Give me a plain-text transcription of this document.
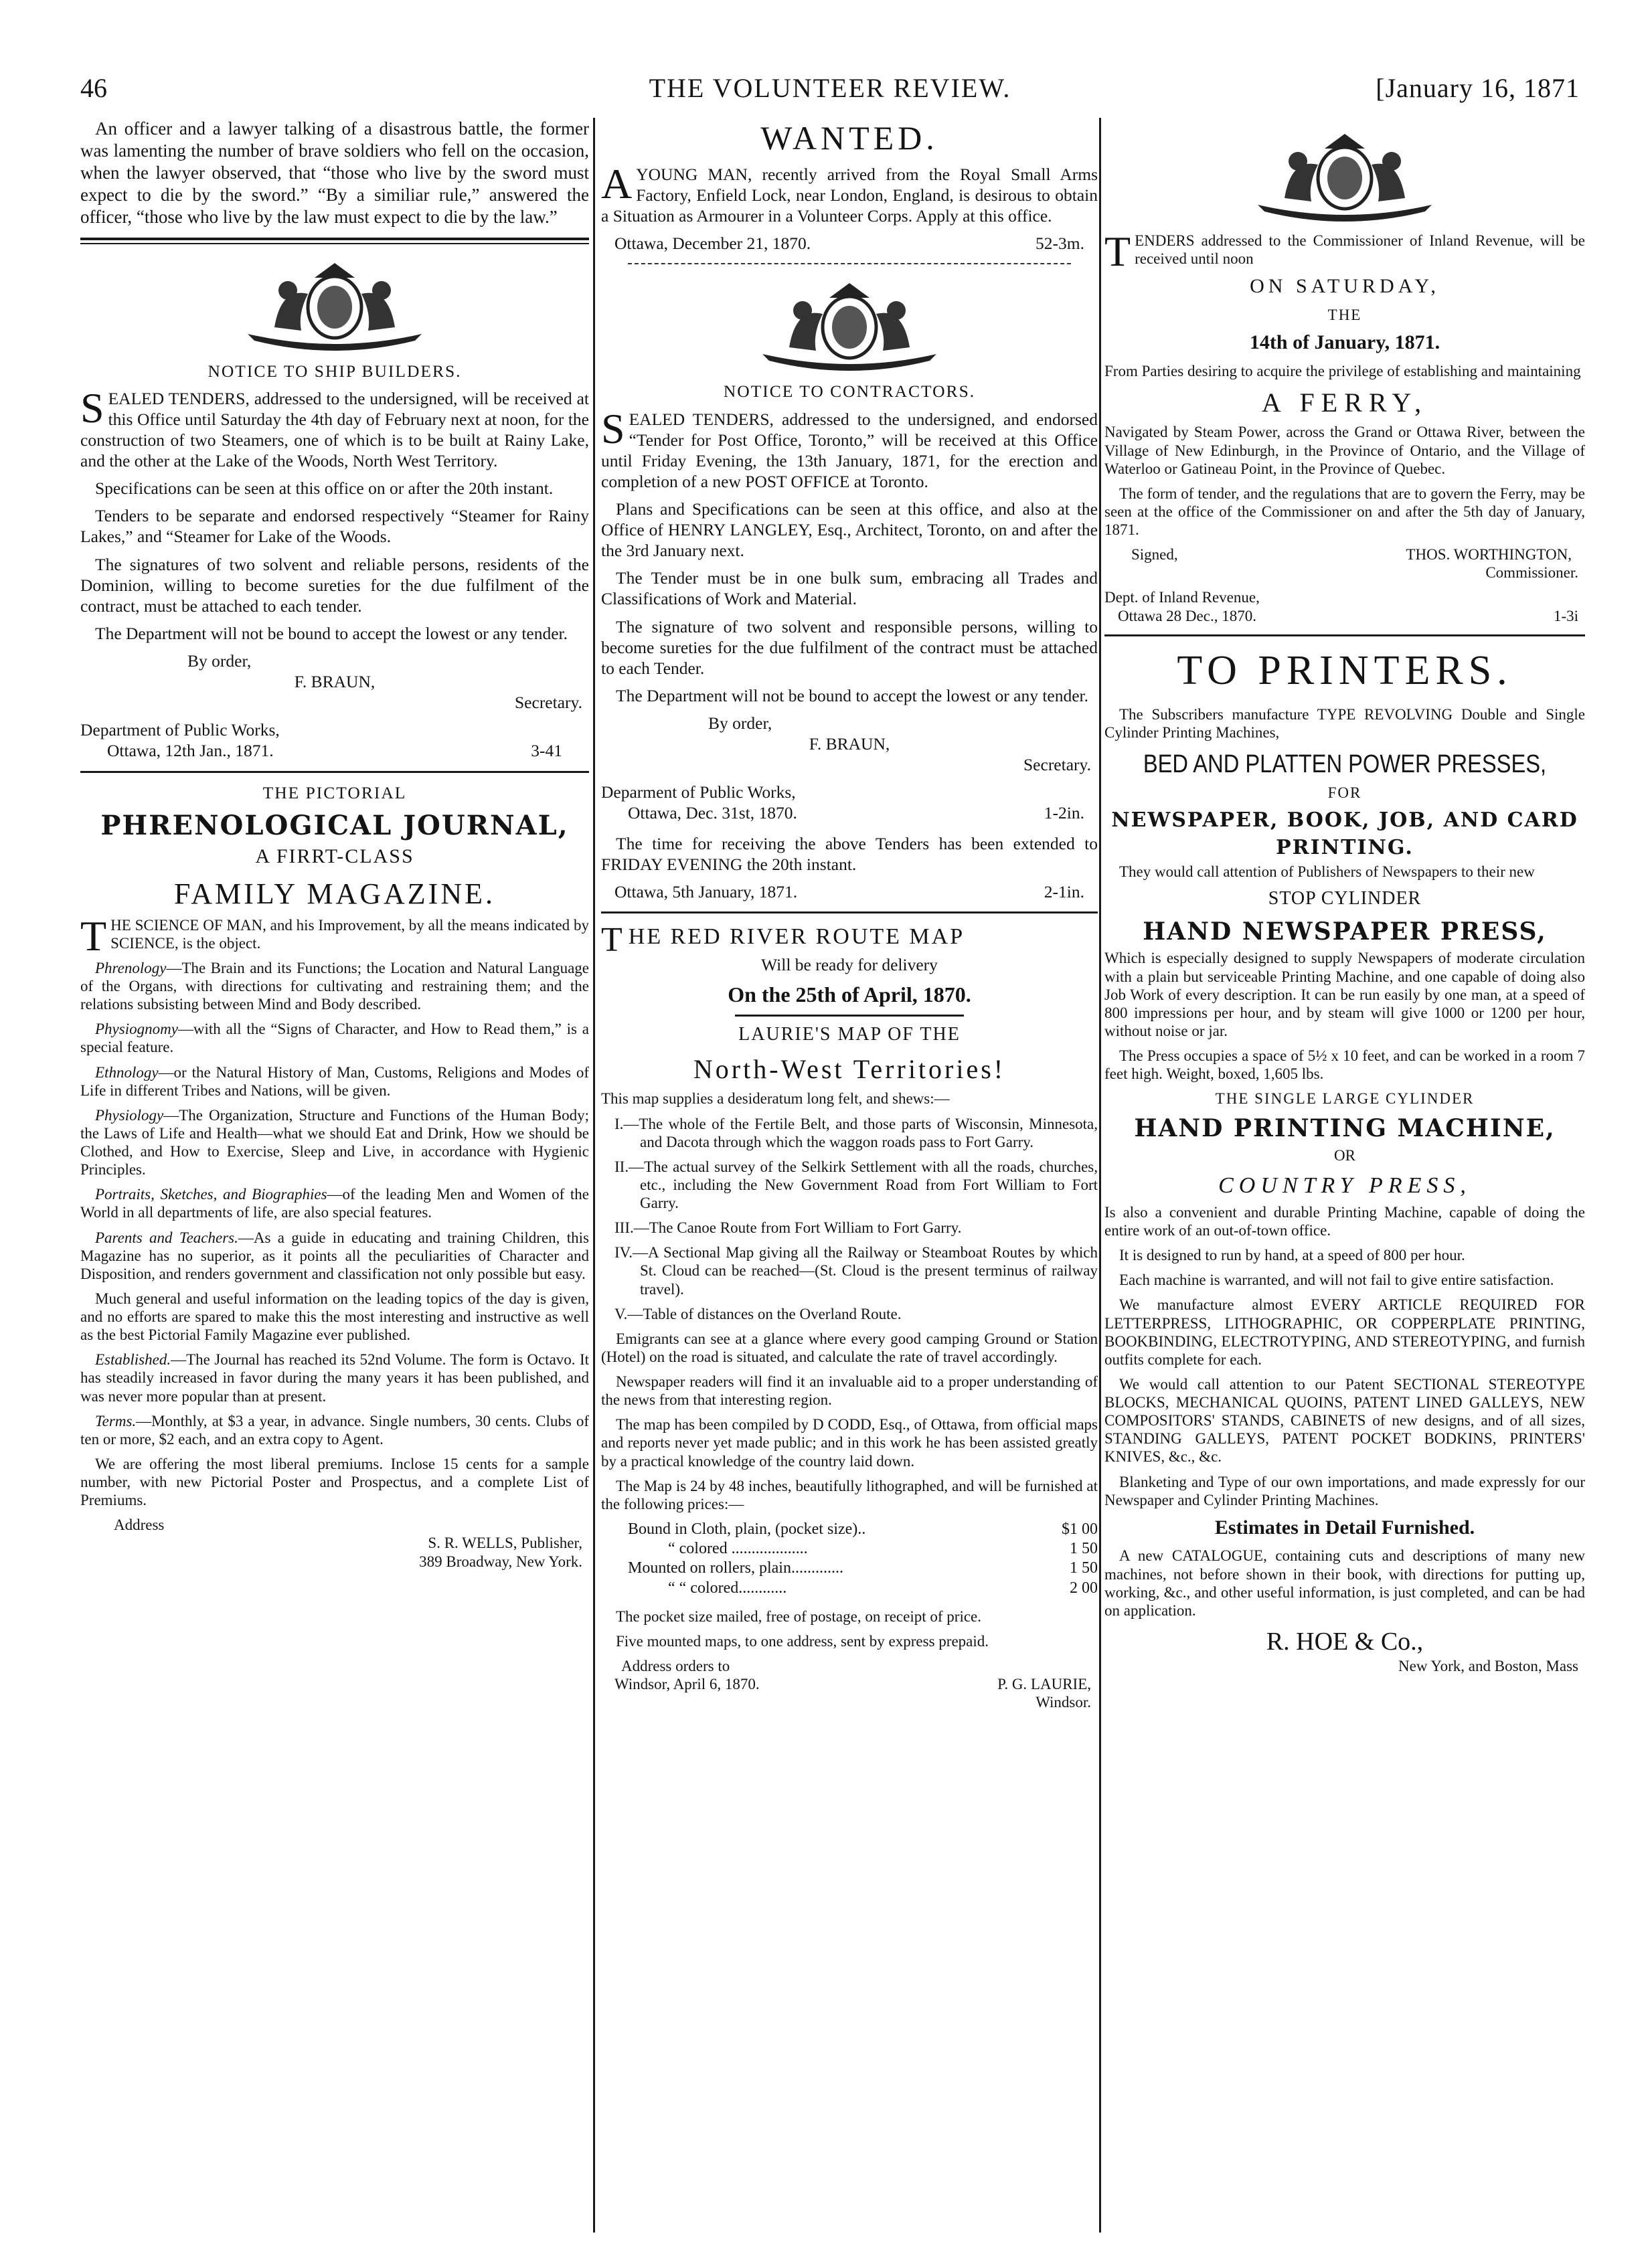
46	THE VOLUNTEER REVIEW.	[January 16, 1871

An officer and a lawyer talking of a disastrous battle, the former was lamenting the number of brave soldiers who fell on the occasion, when the lawyer observed, that “those who live by the sword must expect to die by the sword.” “By a similiar rule,” answered the officer, “those who live by the law must expect to die by the law.”

NOTICE TO SHIP BUILDERS.

SEALED TENDERS, addressed to the undersigned, will be received at this Office until Saturday the 4th day of February next at noon, for the construction of two Steamers, one of which is to be built at Rainy Lake, and the other at the Lake of the Woods, North West Territory.

Specifications can be seen at this office on or after the 20th instant.

Tenders to be separate and endorsed respectively “Steamer for Rainy Lakes,” and “Steamer for Lake of the Woods.

The signatures of two solvent and reliable persons, residents of the Dominion, willing to become sureties for the due fulfilment of the contract, must be attached to each tender.

The Department will not be bound to accept the lowest or any tender.

By order,

F. BRAUN,

Secretary.

Department of Public Works,
Ottawa, 12th Jan., 1871.	3-41

THE PICTORIAL

PHRENOLOGICAL JOURNAL,

A FIRRT-CLASS

FAMILY MAGAZINE.

THE SCIENCE OF MAN, and his Improvement, by all the means indicated by SCIENCE, is the object.

Phrenology—The Brain and its Functions; the Location and Natural Language of the Organs, with directions for cultivating and restraining them; and the relations subsisting between Mind and Body described.

Physiognomy—with all the “Signs of Character, and How to Read them,” is a special feature.

Ethnology—or the Natural History of Man, Customs, Religions and Modes of Life in different Tribes and Nations, will be given.

Physiology—The Organization, Structure and Functions of the Human Body; the Laws of Life and Health—what we should Eat and Drink, How we should be Clothed, and How to Exercise, Sleep and Live, in accordance with Hygienic Principles.

Portraits, Sketches, and Biographies—of the leading Men and Women of the World in all departments of life, are also special features.

Parents and Teachers.—As a guide in educating and training Children, this Magazine has no superior, as it points all the peculiarities of Character and Disposition, and renders government and classification not only possible but easy.

Much general and useful information on the leading topics of the day is given, and no efforts are spared to make this the most interesting and instructive as well as the best Pictorial Family Magazine ever published.

Established.—The Journal has reached its 52nd Volume. The form is Octavo. It has steadily increased in favor during the many years it has been published, and was never more popular than at present.

Terms.—Monthly, at $3 a year, in advance. Single numbers, 30 cents. Clubs of ten or more, $2 each, and an extra copy to Agent.

We are offering the most liberal premiums. Inclose 15 cents for a sample number, with new Pictorial Poster and Prospectus, and a complete List of Premiums.

Address

S. R. WELLS, Publisher,

389 Broadway, New York.

WANTED.

AYOUNG MAN, recently arrived from the Royal Small Arms Factory, Enfield Lock, near London, England, is desirous to obtain a Situation as Armourer in a Volunteer Corps. Apply at this office.

Ottawa, December 21, 1870.	52-3m.

NOTICE TO CONTRACTORS.

SEALED TENDERS, addressed to the undersigned, and endorsed “Tender for Post Office, Toronto,” will be received at this Office until Friday Evening, the 13th January, 1871, for the erection and completion of a new POST OFFICE at Toronto.

Plans and Specifications can be seen at this office, and also at the Office of HENRY LANGLEY, Esq., Architect, Toronto, on and after the the 3rd January next.

The Tender must be in one bulk sum, embracing all Trades and Classifications of Work and Material.

The signature of two solvent and responsible persons, willing to become sureties for the due fulfilment of the contract must be attached to each Tender.

The Department will not be bound to accept the lowest or any tender.

By order,

F. BRAUN,

Secretary.

Deparment of Public Works,
Ottawa, Dec. 31st, 1870.	1-2in.

The time for receiving the above Tenders has been extended to FRIDAY EVENING the 20th instant.

Ottawa, 5th January, 1871.	2-1in.

THE RED RIVER ROUTE MAP

Will be ready for delivery

On the 25th of April, 1870.

LAURIE'S MAP OF THE

North-West Territories!

This map supplies a desideratum long felt, and shews:—

I.—The whole of the Fertile Belt, and those parts of Wisconsin, Minnesota, and Dacota through which the waggon roads pass to Fort Garry.

II.—The actual survey of the Selkirk Settlement with all the roads, churches, etc., including the New Government Road from Fort William to Fort Garry.

III.—The Canoe Route from Fort William to Fort Garry.

IV.—A Sectional Map giving all the Railway or Steamboat Routes by which St. Cloud can be reached—(St. Cloud is the present terminus of railway travel).

V.—Table of distances on the Overland Route.

Emigrants can see at a glance where every good camping Ground or Station (Hotel) on the road is situated, and calculate the rate of travel accordingly.

Newspaper readers will find it an invaluable aid to a proper understanding of the news from that interesting region.

The map has been compiled by D CODD, Esq., of Ottawa, from official maps and reports never yet made public; and in this work he has been assisted greatly by a practical knowledge of the country laid down.

The Map is 24 by 48 inches, beautifully lithographed, and will be furnished at the following prices:—

Bound in Cloth, plain, (pocket size)..	$1 00
“ colored ...................	1 50
Mounted on rollers, plain.............	1 50
“ “ colored............	2 00

The pocket size mailed, free of postage, on receipt of price.

Five mounted maps, to one address, sent by express prepaid.

Address orders to

Windsor, April 6, 1870.	P. G. LAURIE,
Windsor.

TENDERS addressed to the Commissioner of Inland Revenue, will be received until noon

ON SATURDAY,

THE

14th of January, 1871.

From Parties desiring to acquire the privilege of establishing and maintaining

A FERRY,

Navigated by Steam Power, across the Grand or Ottawa River, between the Village of New Edinburgh, in the Province of Ontario, and the Village of Waterloo or Gatineau Point, in the Province of Quebec.

The form of tender, and the regulations that are to govern the Ferry, may be seen at the office of the Commissioner on and after the 5th day of January, 1871.

Signed,	THOS. WORTHINGTON,

Commissioner.

Dept. of Inland Revenue,
Ottawa 28 Dec., 1870.	1-3i
TO PRINTERS.

The Subscribers manufacture TYPE REVOLVING Double and Single Cylinder Printing Machines,

BED AND PLATTEN POWER PRESSES,

FOR

NEWSPAPER, BOOK, JOB, AND CARD
PRINTING.

They would call attention of Publishers of Newspapers to their new

STOP CYLINDER

HAND NEWSPAPER PRESS,

Which is especially designed to supply Newspapers of moderate circulation with a plain but serviceable Printing Machine, and one capable of doing also Job Work of every description. It can be run easily by one man, at a speed of 800 impressions per hour, and by steam will give 1000 or 1200 per hour, without noise or jar.

The Press occupies a space of 5½ x 10 feet, and can be worked in a room 7 feet high. Weight, boxed, 1,605 lbs.

THE SINGLE LARGE CYLINDER

HAND PRINTING MACHINE,

OR

COUNTRY PRESS,

Is also a convenient and durable Printing Machine, capable of doing the entire work of an out-of-town office.

It is designed to run by hand, at a speed of 800 per hour.

Each machine is warranted, and will not fail to give entire satisfaction.

We manufacture almost EVERY ARTICLE REQUIRED FOR LETTERPRESS, LITHOGRAPHIC, OR COPPERPLATE PRINTING, BOOKBINDING, ELECTROTYPING, AND STEREOTYPING, and furnish outfits complete for each.

We would call attention to our Patent SECTIONAL STEREOTYPE BLOCKS, MECHANICAL QUOINS, PATENT LINED GALLEYS, NEW COMPOSITORS' STANDS, CABINETS of new designs, and of all sizes, STANDING GALLEYS, PATENT POCKET BODKINS, PRINTERS' KNIVES, &c., &c.

Blanketing and Type of our own importations, and made expressly for our Newspaper and Cylinder Printing Machines.

Estimates in Detail Furnished.

A new CATALOGUE, containing cuts and descriptions of many new machines, not before shown in their book, with directions for putting up, working, &c., and other useful information, is just completed, and can be had on application.

R. HOE & Co.,

New York, and Boston, Mass
